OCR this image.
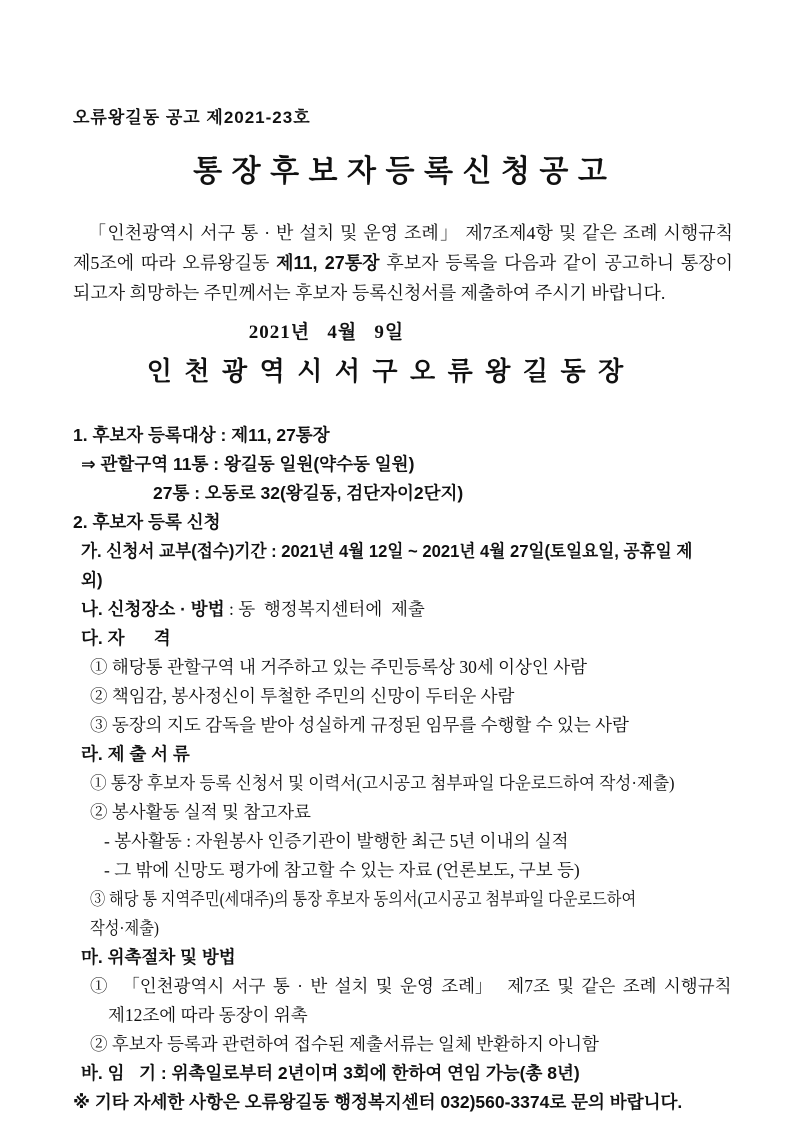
오류왕길동 공고 제2021-23호
통 장 후 보 자 등 록 신 청 공 고
「인천광역시 서구 통 · 반 설치 및 운영 조례」 제7조제4항 및 같은 조례 시행규칙
제5조에 따라 오류왕길동 제11, 27통장 후보자 등록을 다음과 같이 공고하니 통장이
되고자 희망하는 주민께서는 후보자 등록신청서를 제출하여 주시기 바랍니다.
2021년   4월   9일
인 천 광 역 시 서 구 오 류 왕 길 동 장
1. 후보자 등록대상 : 제11, 27통장
⇒ 관할구역 11통 : 왕길동 일원(약수동 일원)
27통 : 오동로 32(왕길동, 검단자이2단지)
2. 후보자 등록 신청
가. 신청서 교부(접수)기간 : 2021년 4월 12일 ~ 2021년 4월 27일(토일요일, 공휴일 제외)
나. 신청장소 · 방법 : 동  행정복지센터에  제출
다. 자      격
① 해당통 관할구역 내 거주하고 있는 주민등록상 30세 이상인 사람
② 책임감, 봉사정신이 투철한 주민의 신망이 두터운 사람
③ 동장의 지도 감독을 받아 성실하게 규정된 임무를 수행할 수 있는 사람
라. 제 출 서 류
① 통장 후보자 등록 신청서 및 이력서(고시공고 첨부파일 다운로드하여 작성·제출)
② 봉사활동 실적 및 참고자료
- 봉사활동 : 자원봉사 인증기관이 발행한 최근 5년 이내의 실적
- 그 밖에 신망도 평가에 참고할 수 있는 자료 (언론보도, 구보 등)
③ 해당 통 지역주민(세대주)의 통장 후보자 동의서(고시공고 첨부파일 다운로드하여 작성·제출)
마. 위촉절차 및 방법
①  「인천광역시 서구 통 · 반 설치 및 운영 조례」  제7조 및 같은 조례 시행규칙
제12조에 따라 동장이 위촉
② 후보자 등록과 관련하여 접수된 제출서류는 일체 반환하지 아니함
바. 임   기 : 위촉일로부터 2년이며 3회에 한하여 연임 가능(총 8년)
※ 기타 자세한 사항은 오류왕길동 행정복지센터 032)560-3374로 문의 바랍니다.
